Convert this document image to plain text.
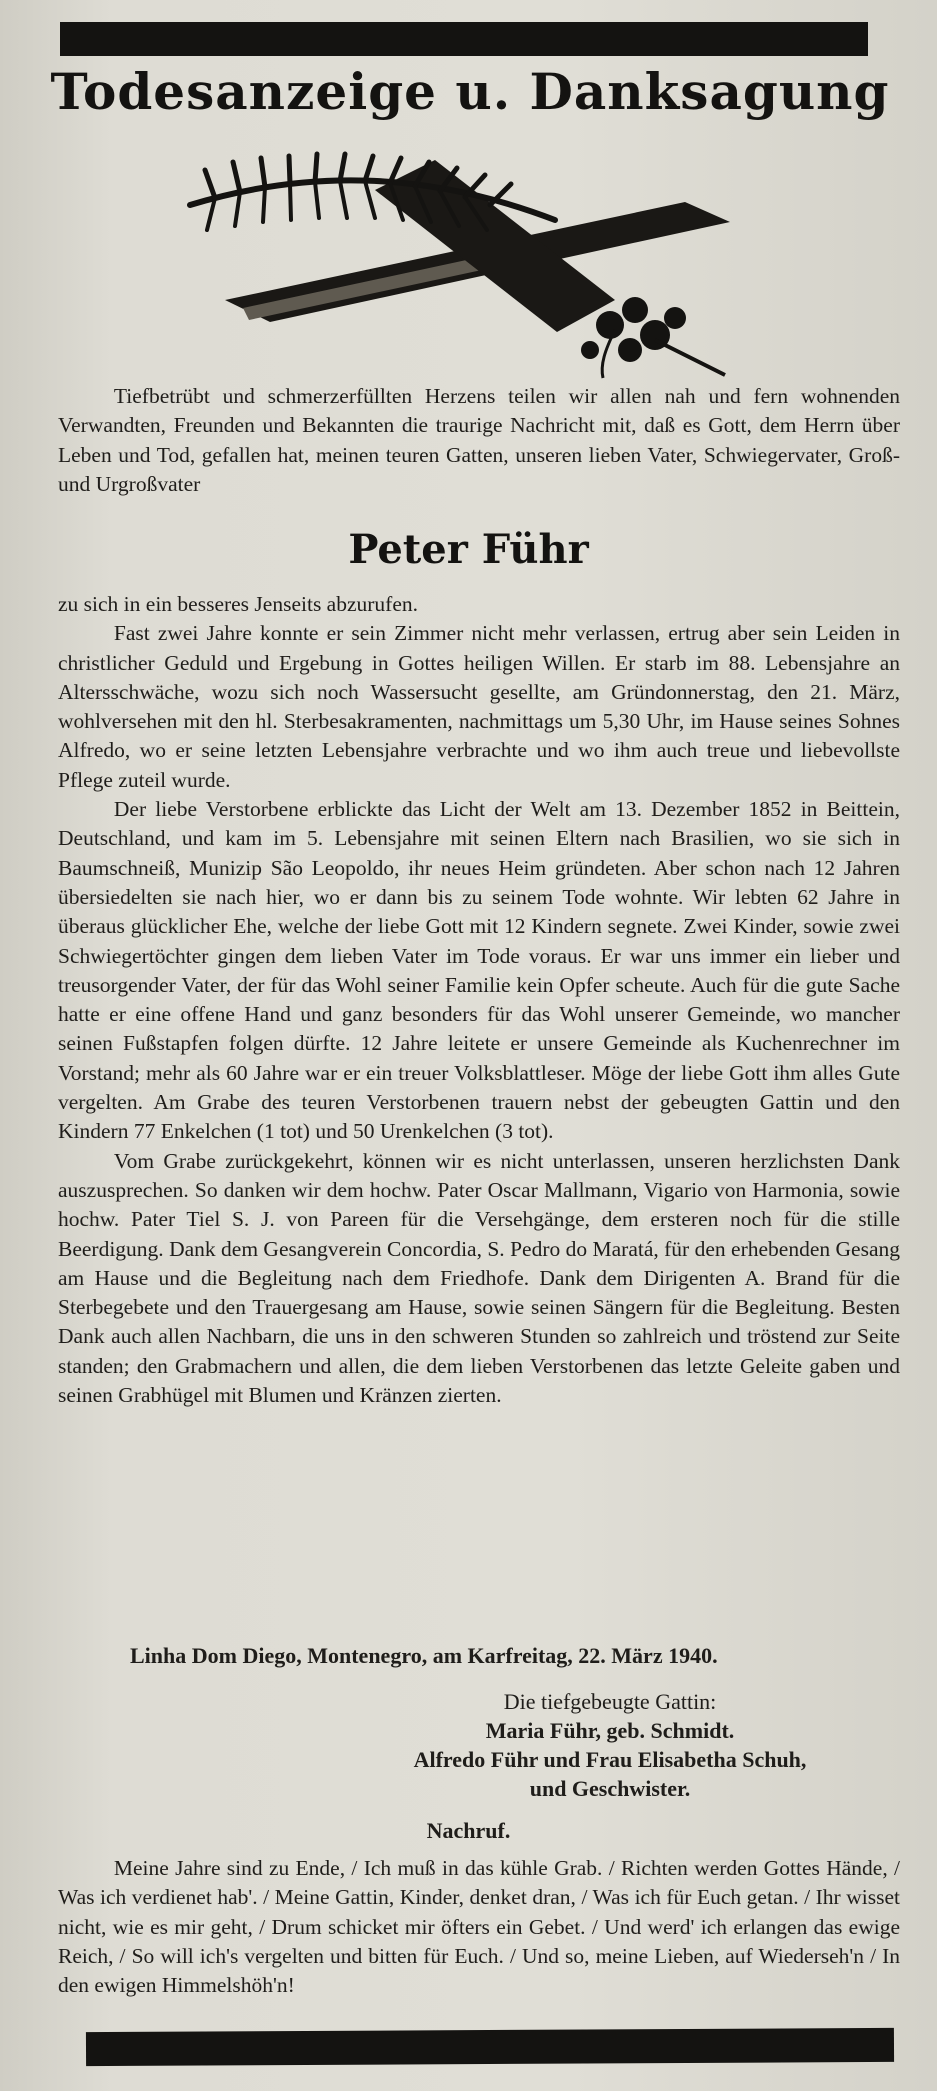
Todesanzeige u. Danksagung

Tiefbetrübt und schmerzerfüllten Herzens teilen wir allen nah und fern wohnenden Verwandten, Freunden und Bekannten die traurige Nachricht mit, daß es Gott, dem Herrn über Leben und Tod, gefallen hat, meinen teuren Gatten, unseren lieben Vater, Schwiegervater, Groß- und Urgroßvater

Peter Führ

zu sich in ein besseres Jenseits abzurufen.

Fast zwei Jahre konnte er sein Zimmer nicht mehr verlassen, ertrug aber sein Leiden in christlicher Geduld und Ergebung in Gottes heiligen Willen. Er starb im 88. Lebensjahre an Altersschwäche, wozu sich noch Wassersucht gesellte, am Gründonnerstag, den 21. März, wohlversehen mit den hl. Sterbesakramenten, nachmittags um 5,30 Uhr, im Hause seines Sohnes Alfredo, wo er seine letzten Lebensjahre verbrachte und wo ihm auch treue und liebevollste Pflege zuteil wurde.

Der liebe Verstorbene erblickte das Licht der Welt am 13. Dezember 1852 in Beittein, Deutschland, und kam im 5. Lebensjahre mit seinen Eltern nach Brasilien, wo sie sich in Baumschneiß, Munizip São Leopoldo, ihr neues Heim gründeten. Aber schon nach 12 Jahren übersiedelten sie nach hier, wo er dann bis zu seinem Tode wohnte. Wir lebten 62 Jahre in überaus glücklicher Ehe, welche der liebe Gott mit 12 Kindern segnete. Zwei Kinder, sowie zwei Schwiegertöchter gingen dem lieben Vater im Tode voraus. Er war uns immer ein lieber und treusorgender Vater, der für das Wohl seiner Familie kein Opfer scheute. Auch für die gute Sache hatte er eine offene Hand und ganz besonders für das Wohl unserer Gemeinde, wo mancher seinen Fußstapfen folgen dürfte. 12 Jahre leitete er unsere Gemeinde als Kuchenrechner im Vorstand; mehr als 60 Jahre war er ein treuer Volksblattleser. Möge der liebe Gott ihm alles Gute vergelten. Am Grabe des teuren Verstorbenen trauern nebst der gebeugten Gattin und den Kindern 77 Enkelchen (1 tot) und 50 Urenkelchen (3 tot).

Vom Grabe zurückgekehrt, können wir es nicht unterlassen, unseren herzlichsten Dank auszusprechen. So danken wir dem hochw. Pater Oscar Mallmann, Vigario von Harmonia, sowie hochw. Pater Tiel S. J. von Pareen für die Versehgänge, dem ersteren noch für die stille Beerdigung. Dank dem Gesangverein Concordia, S. Pedro do Maratá, für den erhebenden Gesang am Hause und die Begleitung nach dem Friedhofe. Dank dem Dirigenten A. Brand für die Sterbegebete und den Trauergesang am Hause, sowie seinen Sängern für die Begleitung. Besten Dank auch allen Nachbarn, die uns in den schweren Stunden so zahlreich und tröstend zur Seite standen; den Grabmachern und allen, die dem lieben Verstorbenen das letzte Geleite gaben und seinen Grabhügel mit Blumen und Kränzen zierten.

Linha Dom Diego, Montenegro, am Karfreitag, 22. März 1940.
Die tiefgebeugte Gattin:
Maria Führ, geb. Schmidt.
Alfredo Führ und Frau Elisabetha Schuh,
und Geschwister.
Nachruf.

Meine Jahre sind zu Ende, / Ich muß in das kühle Grab. / Richten werden Gottes Hände, / Was ich verdienet hab'. / Meine Gattin, Kinder, denket dran, / Was ich für Euch getan. / Ihr wisset nicht, wie es mir geht, / Drum schicket mir öfters ein Gebet. / Und werd' ich erlangen das ewige Reich, / So will ich's vergelten und bitten für Euch. / Und so, meine Lieben, auf Wiederseh'n / In den ewigen Himmelshöh'n!
